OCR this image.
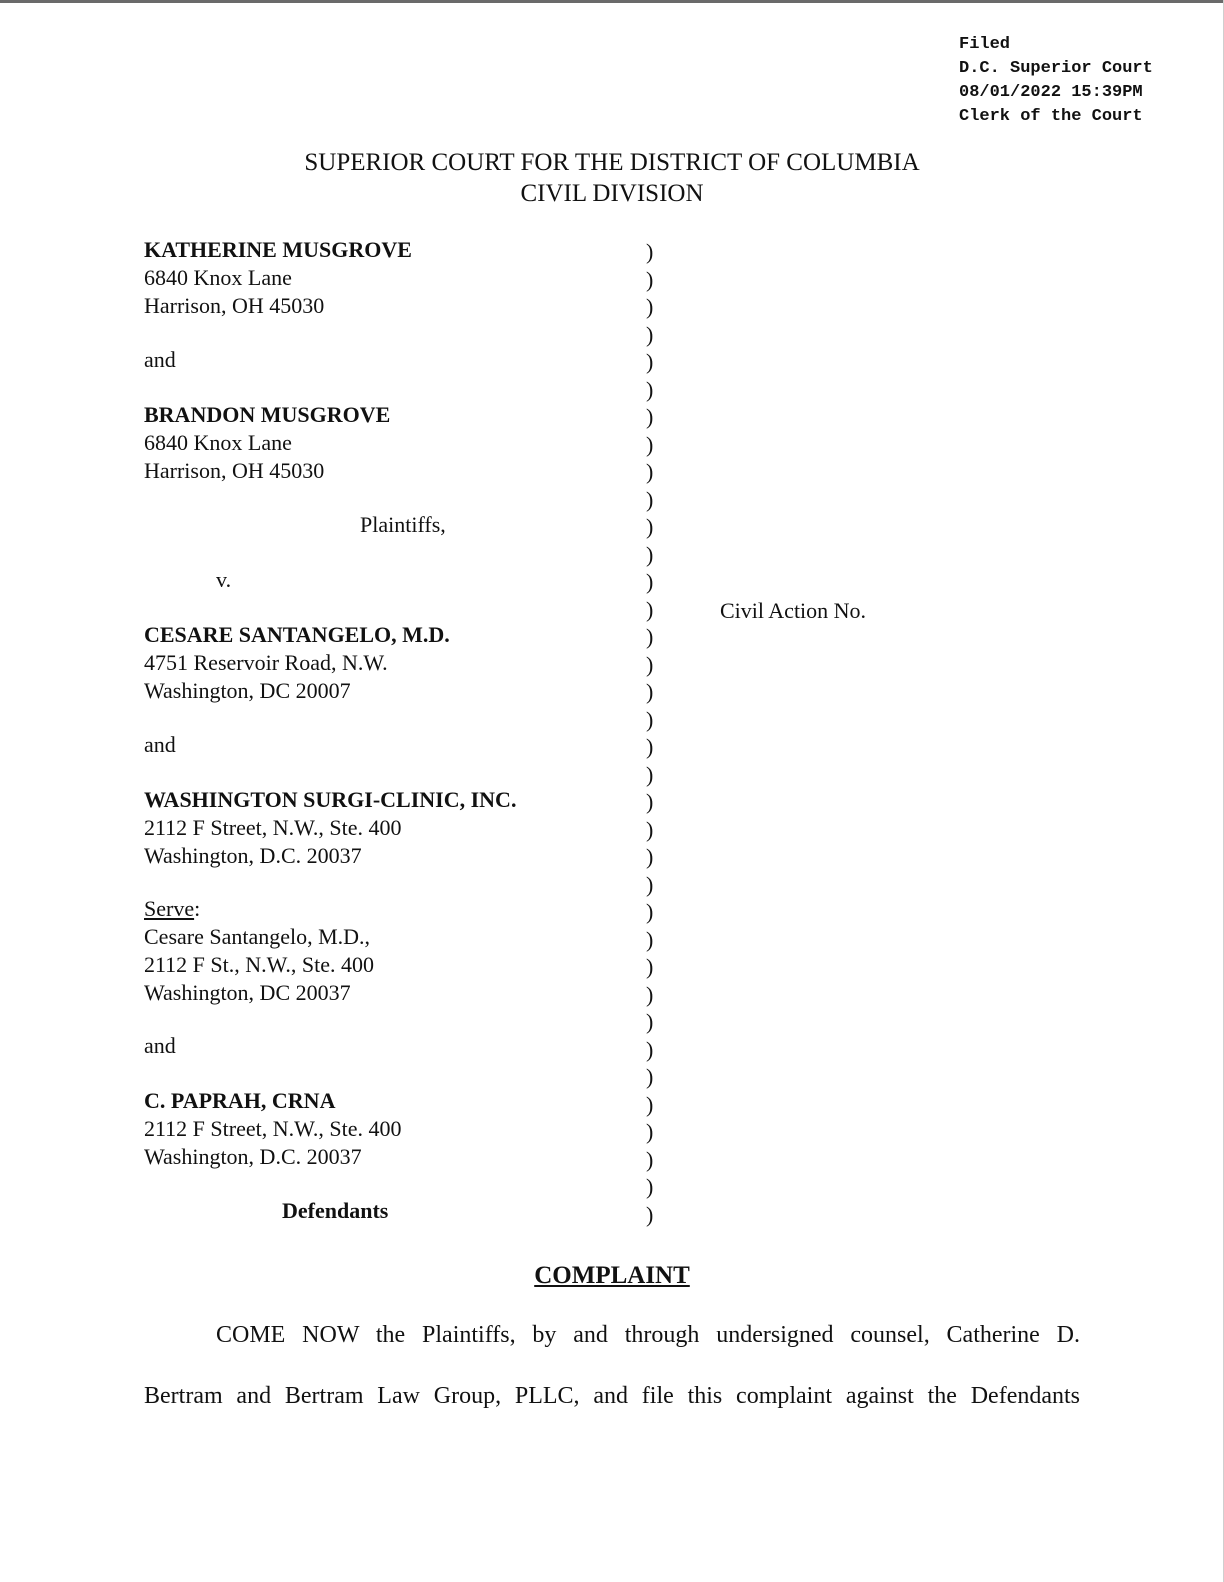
Filed
D.C. Superior Court
08/01/2022 15:39PM
Clerk of the Court
SUPERIOR COURT FOR THE DISTRICT OF COLUMBIA
CIVIL DIVISION
KATHERINE MUSGROVE
6840 Knox Lane
Harrison, OH 45030
and
BRANDON MUSGROVE
6840 Knox Lane
Harrison, OH 45030
Plaintiffs,
v.
CESARE SANTANGELO, M.D.
4751 Reservoir Road, N.W.
Washington, DC 20007
and
WASHINGTON SURGI-CLINIC, INC.
2112 F Street, N.W., Ste. 400
Washington, D.C. 20037
Serve:
Cesare Santangelo, M.D.,
2112 F St., N.W., Ste. 400
Washington, DC 20037
and
C. PAPRAH, CRNA
2112 F Street, N.W., Ste. 400
Washington, D.C. 20037
Defendants
)
)
)
)
)
)
)
)
)
)
)
)
)
)
)
)
)
)
)
)
)
)
)
)
)
)
)
)
)
)
)
)
)
)
)
)
Civil Action No.
COMPLAINT
COME NOW the Plaintiffs, by and through undersigned counsel, Catherine D.
Bertram and Bertram Law Group, PLLC, and file this complaint against the Defendants
